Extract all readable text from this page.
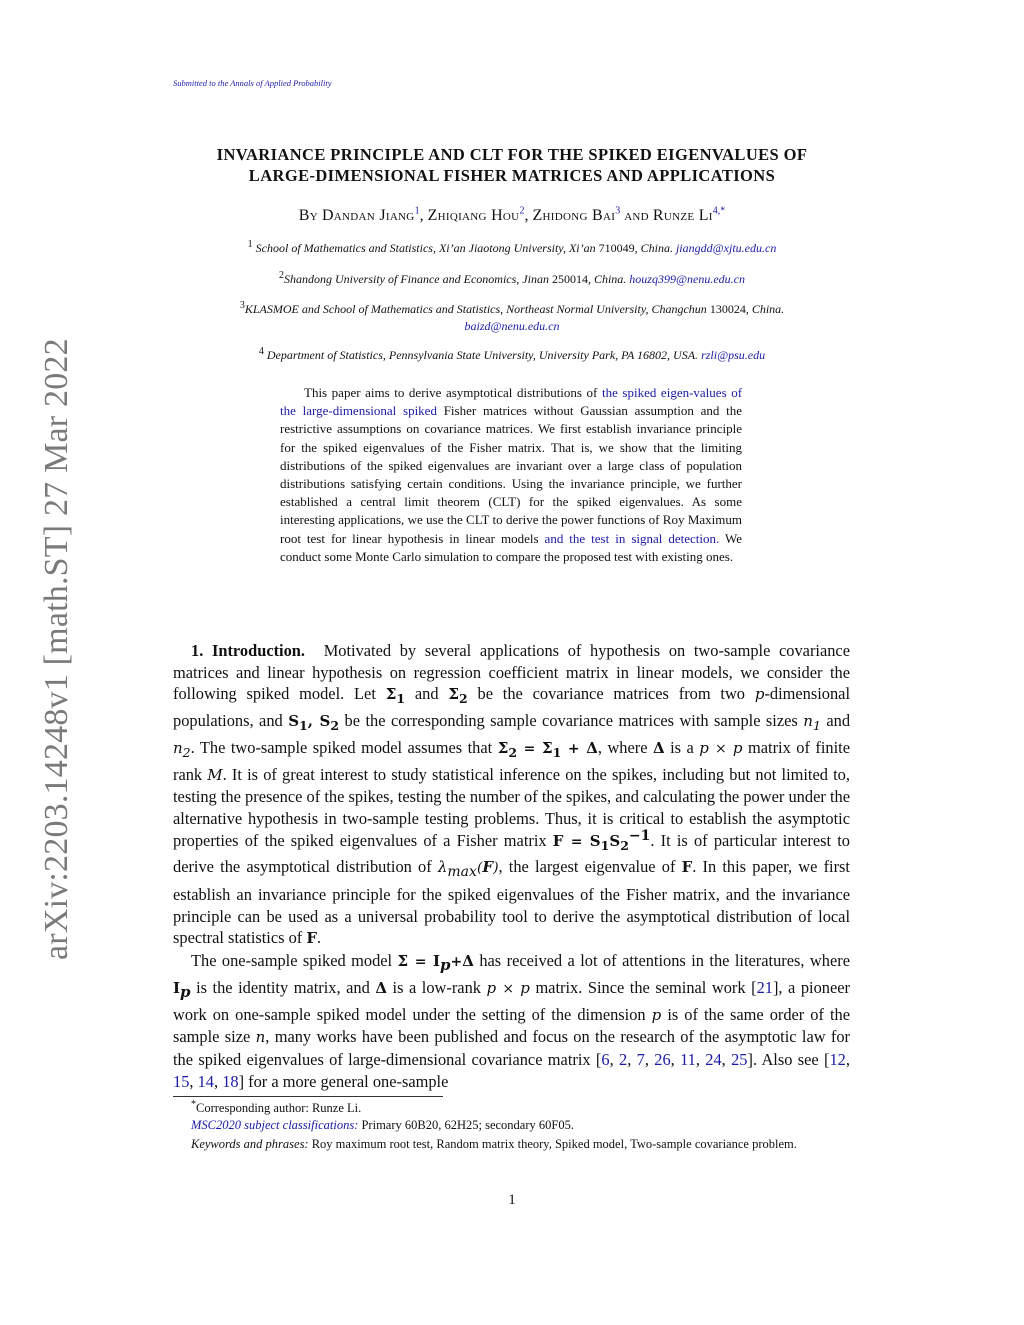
Submitted to the Annals of Applied Probability
arXiv:2203.14248v1 [math.ST] 27 Mar 2022
INVARIANCE PRINCIPLE AND CLT FOR THE SPIKED EIGENVALUES OF
LARGE-DIMENSIONAL FISHER MATRICES AND APPLICATIONS
By Dandan Jiang$^1$, Zhiqiang Hou$^2$, Zhidong Bai$^3$ and Runze $Li^{4,*}$
$^1$ School of Mathematics and Statistics, Xi’an Jiaotong University, Xi’an 710049, China. jiangdd@xjtu.edu.cn
$^2$Shandong University of Finance and Economics, Jinan 250014, China. houzq399@nenu.edu.cn
$^3$KLASMOE and School of Mathematics and Statistics, Northeast Normal University, Changchun 130024, China.
baizd@nenu.edu.cn
$^4$ Department of Statistics, Pennsylvania State University, University Park, PA 16802, USA. rzli@psu.edu

This paper aims to derive asymptotical distributions of the spiked eigen-values of the large-dimensional spiked Fisher matrices without Gaussian assumption and the restrictive assumptions on covariance matrices. We first establish invariance principle for the spiked eigenvalues of the Fisher matrix. That is, we show that the limiting distributions of the spiked eigenvalues are invariant over a large class of population distributions satisfying certain conditions. Using the invariance principle, we further established a central limit theorem (CLT) for the spiked eigenvalues. As some interesting applications, we use the CLT to derive the power functions of Roy Maximum root test for linear hypothesis in linear models and the test in signal detection. We conduct some Monte Carlo simulation to compare the proposed test with existing ones.

1. Introduction. Motivated by several applications of hypothesis on two-sample covariance matrices and linear hypothesis on regression coefficient matrix in linear models, we consider the following spiked model. Let $\Sigma_1$ and $\Sigma_2$ be the covariance matrices from two p-dimensional populations, and $S_1$, $S_2$ be the corresponding sample covariance matrices with sample sizes $n_1$ and $n_2$. The two-sample spiked model assumes that $\Sigma_2 = \Sigma_1 + \Delta$, where Δ is a p × p matrix of finite rank M. It is of great interest to study statistical inference on the spikes, including but not limited to, testing the presence of the spikes, testing the number of the spikes, and calculating the power under the alternative hypothesis in two-sample testing problems. Thus, it is critical to establish the asymptotic properties of the spiked eigenvalues of a Fisher matrix $F = S_1S_2^{-1}$. It is of particular interest to derive the asymptotical distribution of $\lambda_{max}(F)$, the largest eigenvalue of F. In this paper, we first establish an invariance principle for the spiked eigenvalues of the Fisher matrix, and the invariance principle can be used as a universal probability tool to derive the asymptotical distribution of local spectral statistics of F.

The one-sample spiked model $\Sigma = I_p+\Delta$ has received a lot of attentions in the literatures, where $I_p$ is the identity matrix, and Δ is a low-rank p × p matrix. Since the seminal work [21], a pioneer work on one-sample spiked model under the setting of the dimension p is of the same order of the sample size n, many works have been published and focus on the research of the asymptotic law for the spiked eigenvalues of large-dimensional covariance matrix [6, 2, 7, 26, 11, 24, 25]. Also see [12, 15, 14, 18] for a more general one-sample

*Corresponding author: Runze Li.
MSC2020 subject classifications: Primary 60B20, 62H25; secondary 60F05.
Keywords and phrases: Roy maximum root test, Random matrix theory, Spiked model, Two-sample covariance problem.
1
